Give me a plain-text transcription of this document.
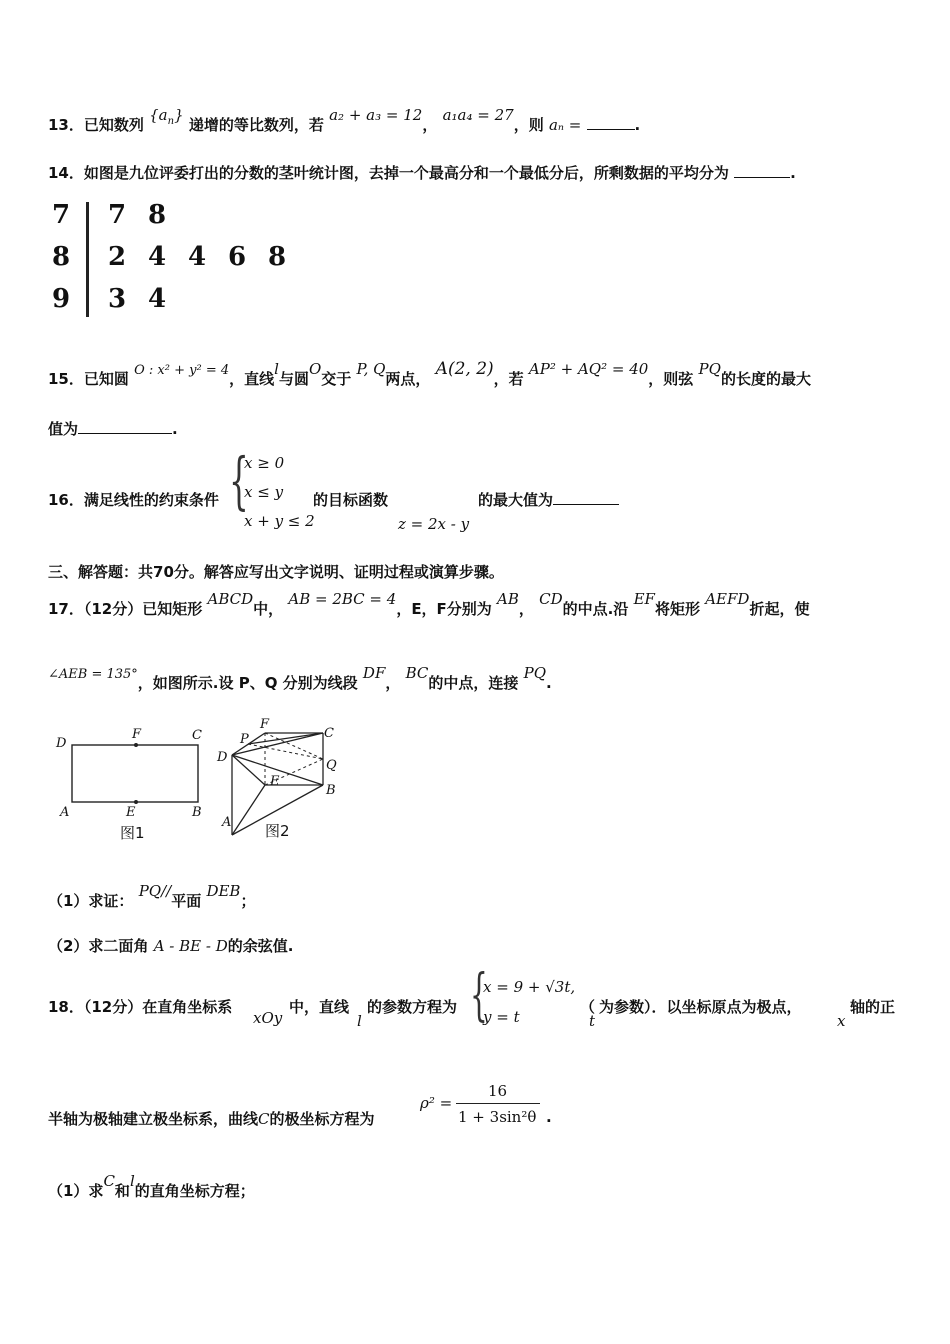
13．已知数列 $\{a_n\}$ 递增的等比数列，若 a₂ + a₃ = 12， a₁a₄ = 27，则 aₙ =	.
14．如图是九位评委打出的分数的茎叶统计图，去掉一个最高分和一个最低分后，所剩数据的平均分为	.
7 7 8
8 2 4 4 6 8
9 3 4
15．已知圆 O : x² + y² = 4，直线l与圆O交于 P, Q两点， A(2, 2)，若 AP² + AQ² = 40，则弦 PQ的长度的最大
值为	.
16．满足线性的约束条件 {
x ≥ 0
x ≤ y
x + y ≤ 2
的目标函数
z = 2x - y
的最大值为
三、解答题：共70分。解答应写出文字说明、证明过程或演算步骤。
17．（12分）已知矩形 ABCD中， AB = 2BC = 4，E，F分别为 AB， CD的中点.沿 EF将矩形 AEFD折起，使
∠AEB = 135°，如图所示.设 P、Q 分别为线段 DF， BC的中点，连接 PQ.
D
F	C
A	E	B
图1
F
C
P
D
Q
E
B
A 图2
（1）求证： PQ//平面 DEB；
（2）求二面角 A - BE - D的余弦值.
18．（12分）在直角坐标系
xOy
中，直线
l
的参数方程为 {
x = 9 + √3t,
y = t
（
t
为参数）．以坐标原点为极点，
x
轴的正
半轴为极轴建立极坐标系，曲线C的极坐标方程为
ρ² =
16
1 + 3sin²θ .
（1）求C和l的直角坐标方程；
